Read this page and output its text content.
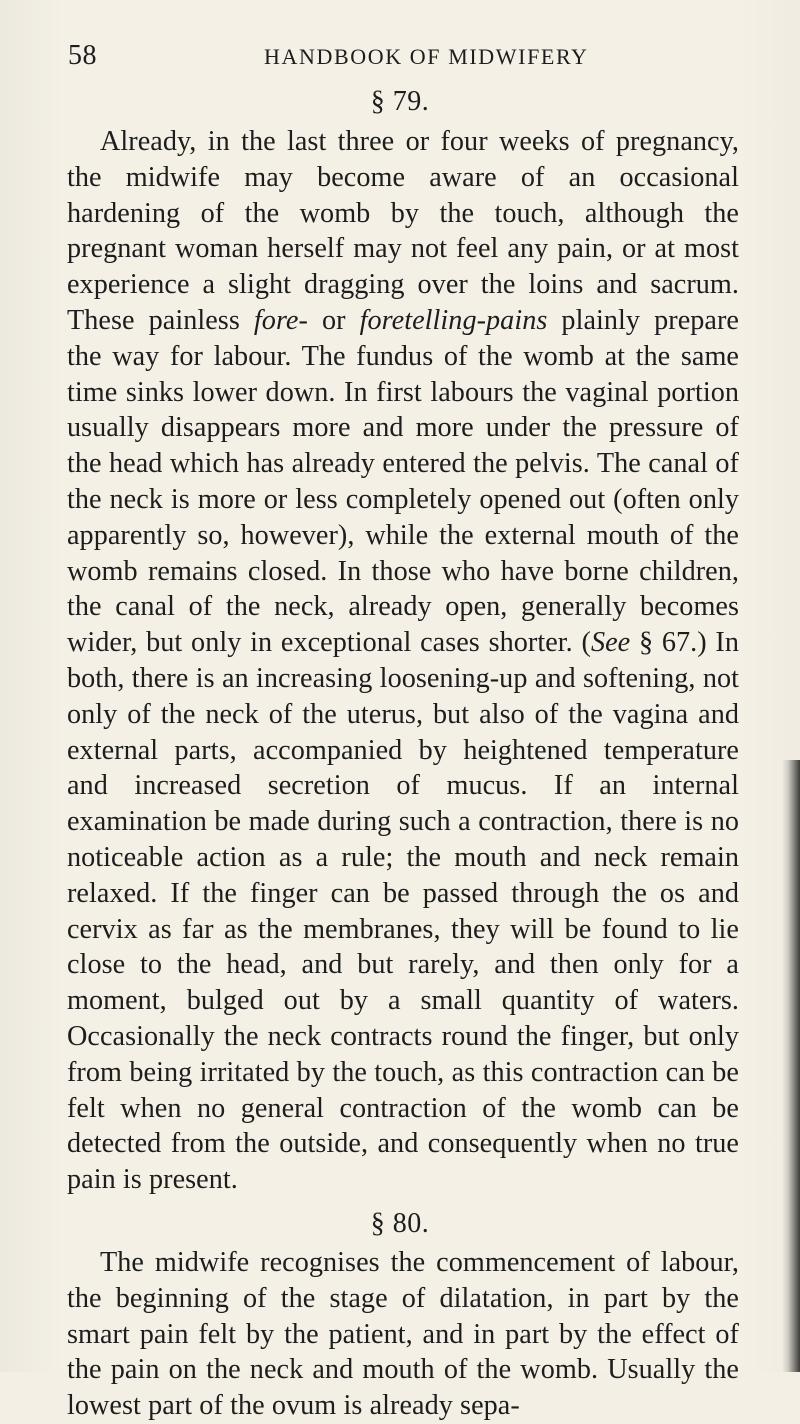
58	HANDBOOK OF MIDWIFERY
§ 79.
Already, in the last three or four weeks of pregnancy, the midwife may become aware of an occasional hardening of the womb by the touch, although the pregnant woman herself may not feel any pain, or at most experience a slight dragging over the loins and sacrum. These painless fore- or foretelling-pains plainly prepare the way for labour. The fundus of the womb at the same time sinks lower down. In first labours the vaginal portion usually disappears more and more under the pressure of the head which has already entered the pelvis. The canal of the neck is more or less completely opened out (often only apparently so, however), while the external mouth of the womb remains closed. In those who have borne children, the canal of the neck, already open, generally becomes wider, but only in exceptional cases shorter. (See § 67.) In both, there is an increasing loosening-up and softening, not only of the neck of the uterus, but also of the vagina and external parts, accompanied by heightened temperature and increased secretion of mucus. If an internal examination be made during such a contraction, there is no noticeable action as a rule; the mouth and neck remain relaxed. If the finger can be passed through the os and cervix as far as the membranes, they will be found to lie close to the head, and but rarely, and then only for a moment, bulged out by a small quantity of waters. Occasionally the neck contracts round the finger, but only from being irritated by the touch, as this contraction can be felt when no general contraction of the womb can be detected from the outside, and consequently when no true pain is present.
§ 80.
The midwife recognises the commencement of labour, the beginning of the stage of dilatation, in part by the smart pain felt by the patient, and in part by the effect of the pain on the neck and mouth of the womb. Usually the lowest part of the ovum is already sepa-
